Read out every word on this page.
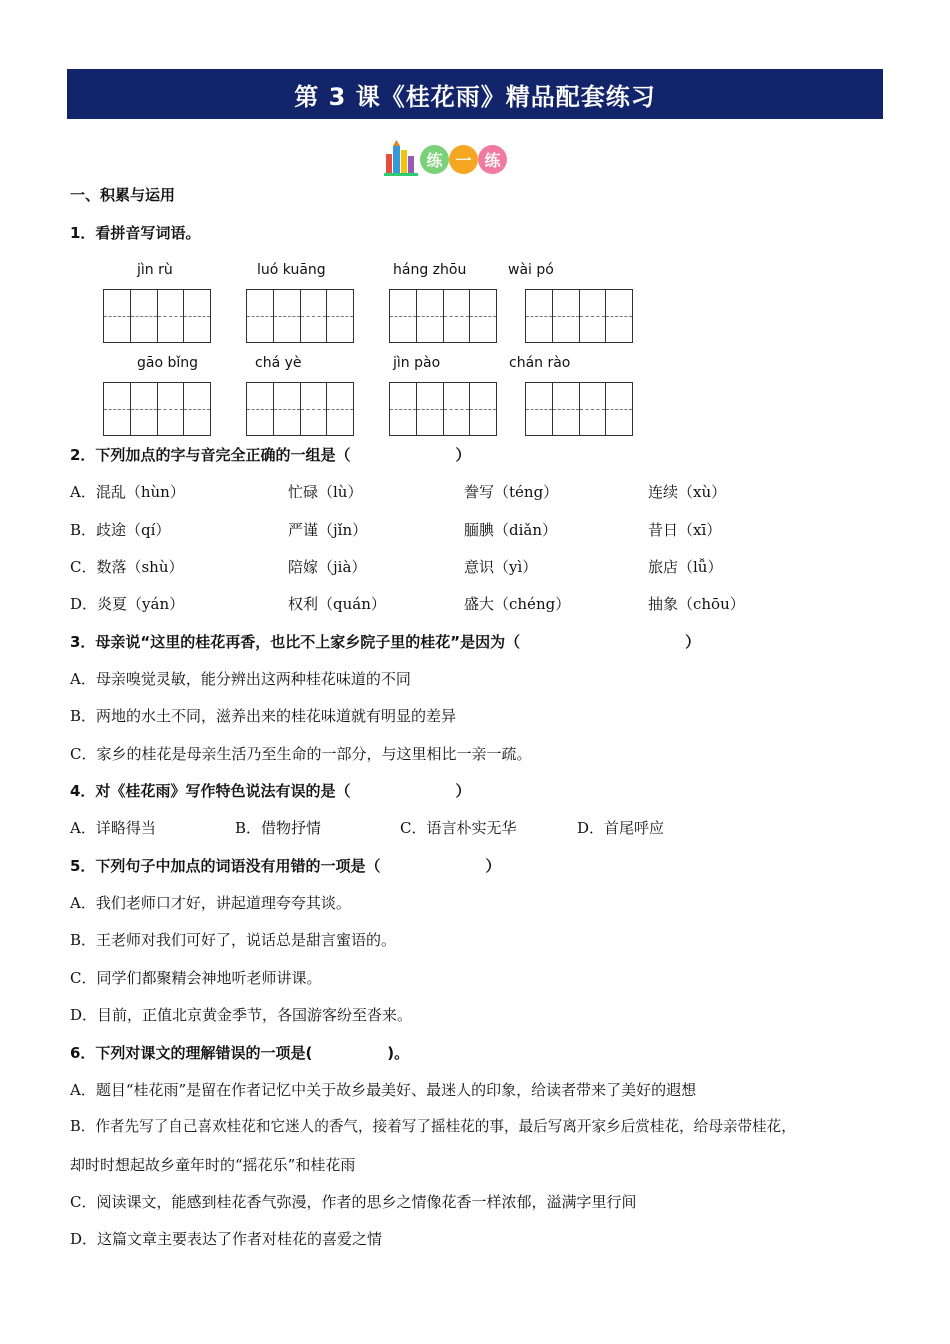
第 3 课《桂花雨》精品配套练习
练 一 练
一、积累与运用
1．看拼音写词语。
jìn rù	luó kuāng	háng zhōu	wài pó
gāo bǐng	chá yè	jìn pào	chán rào
2．下列加点的字与音完全正确的一组是（　　　　　　　）
A．混乱（hùn）	忙碌（lù）	誊写（téng）	连续（xù）
B．歧途（qí）	严谨（jǐn）	腼腆（diǎn）	昔日（xī）
C．数落（shù）	陪嫁（jià）	意识（yì）	旅店（lǚ）
D．炎夏（yán）	权利（quán）	盛大（chéng）	抽象（chōu）
3．母亲说“这里的桂花再香，也比不上家乡院子里的桂花”是因为（　　　　　　　　　　　）
A．母亲嗅觉灵敏，能分辨出这两种桂花味道的不同
B．两地的水土不同，滋养出来的桂花味道就有明显的差异
C．家乡的桂花是母亲生活乃至生命的一部分，与这里相比一亲一疏。
4．对《桂花雨》写作特色说法有误的是（　　　　　　　）
A．详略得当	B．借物抒情	C．语言朴实无华	D．首尾呼应
5．下列句子中加点的词语没有用错的一项是（　　　　　　　）
A．我们老师口才好，讲起道理夸夸其谈。
B．王老师对我们可好了，说话总是甜言蜜语的。
C．同学们都聚精会神地听老师讲课。
D．目前，正值北京黄金季节，各国游客纷至沓来。
6．下列对课文的理解错误的一项是(　　　　　)。
A．题目“桂花雨”是留在作者记忆中关于故乡最美好、最迷人的印象，给读者带来了美好的遐想
B．作者先写了自己喜欢桂花和它迷人的香气，接着写了摇桂花的事，最后写离开家乡后赏桂花，给母亲带桂花，
却时时想起故乡童年时的“摇花乐”和桂花雨
C．阅读课文，能感到桂花香气弥漫，作者的思乡之情像花香一样浓郁，溢满字里行间
D．这篇文章主要表达了作者对桂花的喜爱之情
